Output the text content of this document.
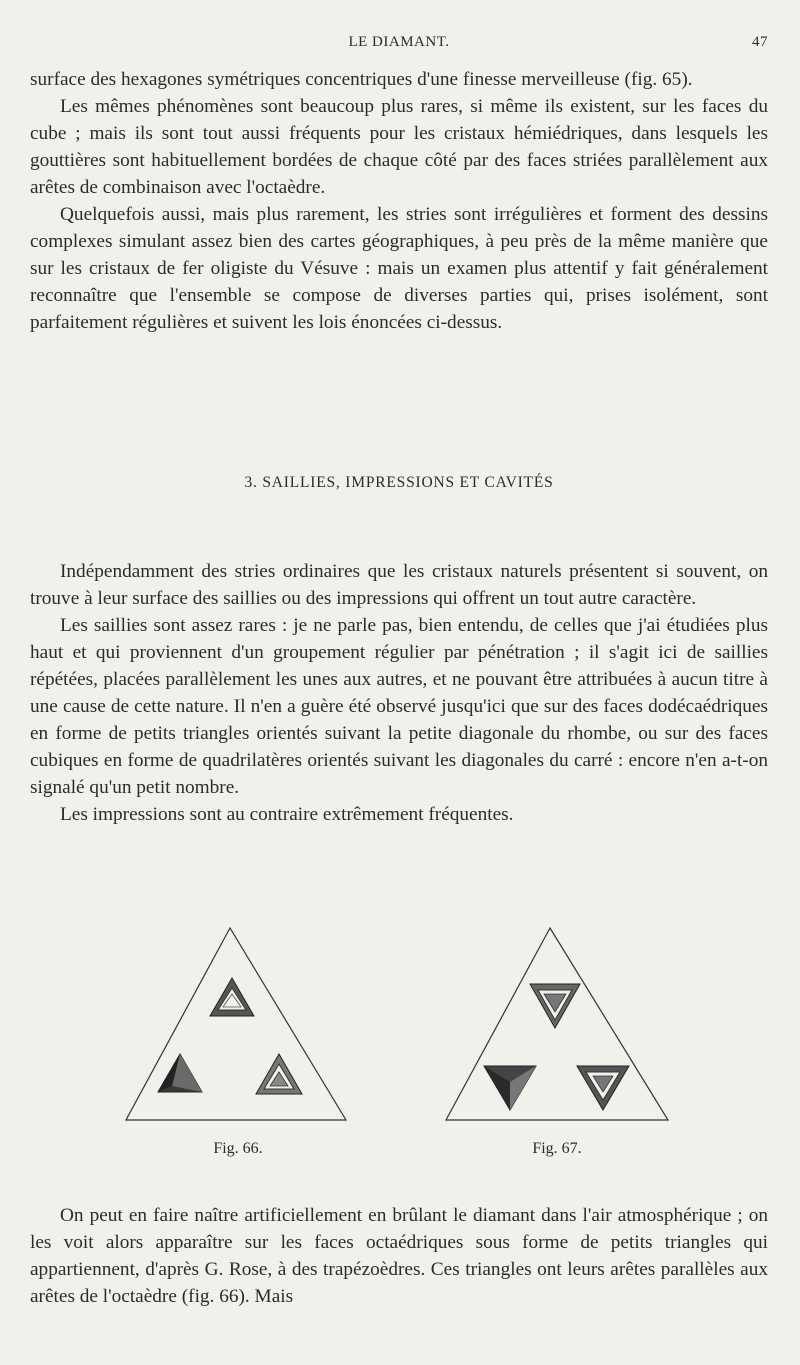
LE DIAMANT.	47

surface des hexagones symétriques concentriques d'une finesse merveilleuse (fig. 65).

Les mêmes phénomènes sont beaucoup plus rares, si même ils existent, sur les faces du cube ; mais ils sont tout aussi fréquents pour les cristaux hémiédriques, dans lesquels les gouttières sont habituellement bordées de chaque côté par des faces striées parallèlement aux arêtes de combinaison avec l'octaèdre.

Quelquefois aussi, mais plus rarement, les stries sont irrégulières et forment des dessins complexes simulant assez bien des cartes géographiques, à peu près de la même manière que sur les cristaux de fer oligiste du Vésuve : mais un examen plus attentif y fait généralement reconnaître que l'ensemble se compose de diverses parties qui, prises isolément, sont parfaitement régulières et suivent les lois énoncées ci-dessus.

3. SAILLIES, IMPRESSIONS ET CAVITÉS

Indépendamment des stries ordinaires que les cristaux naturels présentent si souvent, on trouve à leur surface des saillies ou des impressions qui offrent un tout autre caractère.

Les saillies sont assez rares : je ne parle pas, bien entendu, de celles que j'ai étudiées plus haut et qui proviennent d'un groupement régulier par pénétration ; il s'agit ici de saillies répétées, placées parallèlement les unes aux autres, et ne pouvant être attribuées à aucun titre à une cause de cette nature. Il n'en a guère été observé jusqu'ici que sur des faces dodécaédriques en forme de petits triangles orientés suivant la petite diagonale du rhombe, ou sur des faces cubiques en forme de quadrilatères orientés suivant les diagonales du carré : encore n'en a-t-on signalé qu'un petit nombre.

Les impressions sont au contraire extrêmement fréquentes.

Fig. 66.	Fig. 67.

On peut en faire naître artificiellement en brûlant le diamant dans l'air atmosphérique ; on les voit alors apparaître sur les faces octaédriques sous forme de petits triangles qui appartiennent, d'après G. Rose, à des trapézoèdres. Ces triangles ont leurs arêtes parallèles aux arêtes de l'octaèdre (fig. 66). Mais
